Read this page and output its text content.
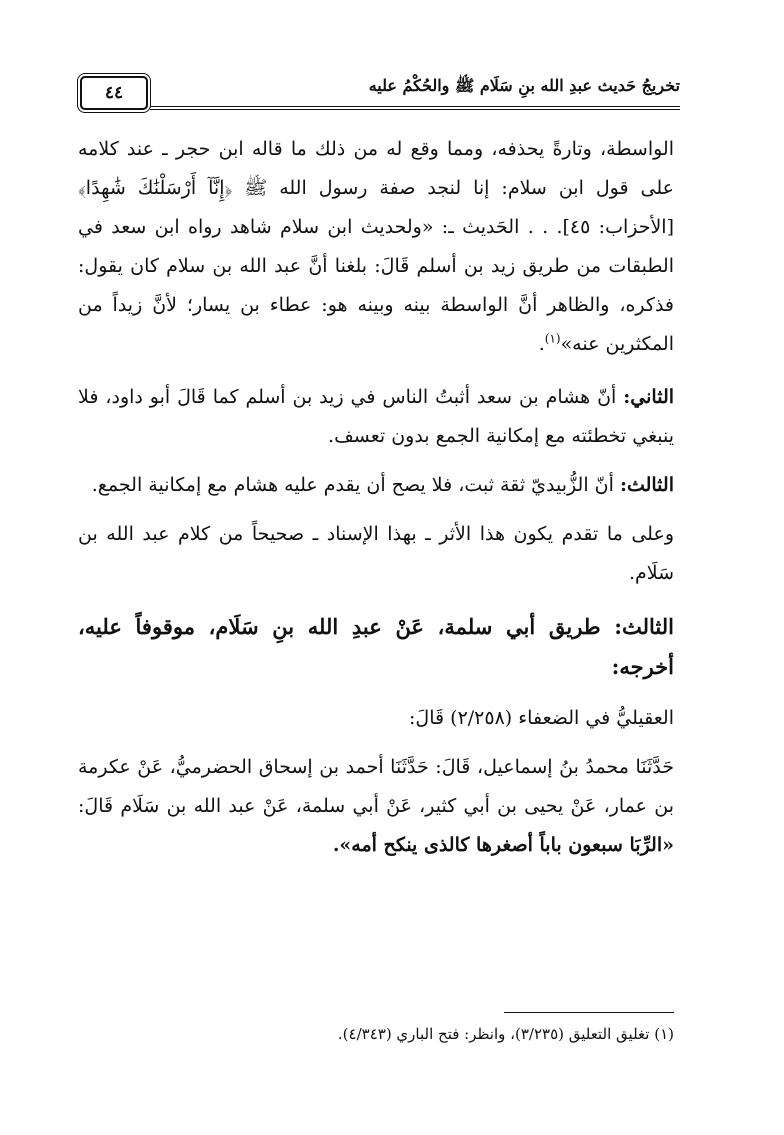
تخريجُ حَديث عبدِ الله بنِ سَلَام ﷺ والحُكْمُ عليه
٤٤

الواسطة، وتارةً يحذفه، ومما وقع له من ذلك ما قاله ابن حجر ـ عند كلامه على قول ابن سلام: إنا لنجد صفة رسول الله ﷺ ﴿إِنَّآ أَرْسَلْنَٰكَ شَٰهِدًا﴾ [الأحزاب: ٤٥]. . . الحَديث ـ: «ولحديث ابن سلام شاهد رواه ابن سعد في الطبقات من طريق زيد بن أسلم قَالَ: بلغنا أنَّ عبد الله بن سلام كان يقول: فذكره، والظاهر أنَّ الواسطة بينه وبينه هو: عطاء بن يسار؛ لأنَّ زيداً من المكثرين عنه»$^{(١)}$.

الثاني: أنّ هشام بن سعد أثبتُ الناس في زيد بن أسلم كما قَالَ أبو داود، فلا ينبغي تخطئته مع إمكانية الجمع بدون تعسف.

الثالث: أنّ الزُّبيديّ ثقة ثبت، فلا يصح أن يقدم عليه هشام مع إمكانية الجمع.

وعلى ما تقدم يكون هذا الأثر ـ بهذا الإسناد ـ صحيحاً من كلام عبد الله بن سَلَام.

الثالث: طريق أبي سلمة، عَنْ عبدِ الله بنِ سَلَام، موقوفاً عليه، أخرجه:

العقيليُّ في الضعفاء (٢/٢٥٨) قَالَ:

حَدَّثَنَا محمدُ بنُ إسماعيل، قَالَ: حَدَّثَنَا أحمد بن إسحاق الحضرميُّ، عَنْ عكرمة بن عمار، عَنْ يحيى بن أبي كثير، عَنْ أبي سلمة، عَنْ عبد الله بن سَلَام قَالَ: «الرِّبَا سبعون باباً أصغرها كالذى ينكح أمه».

(١) تغليق التعليق (٣/٢٣٥)، وانظر: فتح الباري (٤/٣٤٣).
